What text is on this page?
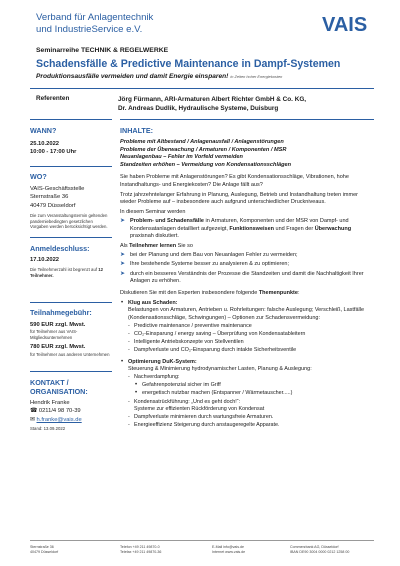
Verband für Anlagentechnik
und IndustrieService e.V.	VAIS
Seminarreihe TECHNIK & REGELWERKE
Schadensfälle & Predictive Maintenance in Dampf-Systemen
Produktionsausfälle vermeiden und damit Energie einsparen! in Zeiten hoher Energiekosten
Referenten	Jörg Fürmann, ARI-Armaturen Albert Richter GmbH & Co. KG,
Dr. Andreas Dudlik, Hydraulische Systeme, Duisburg
WANN?
25.10.2022
10:00 - 17:00 Uhr
WO?
VAIS-Geschäftsstelle
Sternstraße 36
40479 Düsseldorf
Die zum Veranstaltungstermin geltenden pandemiebedingten gesetzlichen Vorgaben werden berücksichtigt werden.
Anmeldeschluss:
17.10.2022
Die Teilnehmerzahl ist begrenzt auf 12 Teilnehmer.
Teilnahmegebühr:
590 EUR zzgl. Mwst.
für Teilnehmer aus VAIS-Mitgliedsunternehmen
780 EUR zzgl. Mwst.
für Teilnehmer aus anderen Unternehmen
KONTAKT /
ORGANISATION:
Hendrik Franke
☎ 0211/4 98 70-39
✉ h.franke@vais.de
Stand: 13.09.2022
INHALTE:
Probleme mit Altbestand / Anlagenausfall / Anlagenstörungen
Probleme der Überwachung / Armaturen / Komponenten / MSR
Neuanlagenbau – Fehler im Vorfeld vermeiden
Standzeiten erhöhen – Vermeidung von Kondensationsschlägen
Sie haben Probleme mit Anlagenstörungen? Es gibt Kondensationsschläge, Vibrationen, hohe Instandhaltungs- und Energiekosten? Die Anlage fällt aus?
Trotz jahrzehntelanger Erfahrung in Planung, Auslegung, Betrieb und Instandhaltung treten immer wieder Probleme auf – insbesondere auch aufgrund unterschiedlicher Druckniveaus.
In diesem Seminar werden
➤ Problem- und Schadensfälle in Armaturen, Komponenten und der MSR von Dampf- und Kondensatanlagen detailliert aufgezeigt, Funktionsweisen und Fragen der Überwachung praxisnah diskutiert.
Als Teilnehmer lernen Sie so
➤ bei der Planung und dem Bau von Neuanlagen Fehler zu vermeiden;
➤ Ihre bestehende Systeme besser zu analysieren & zu optimieren;
➤ durch ein besseres Verständnis der Prozesse die Standzeiten und damit die Nachhaltigkeit Ihrer Anlagen zu erhöhen.
Diskutieren Sie mit den Experten insbesondere folgende Themenpunkte:
• Klug aus Schaden:
Belastungen von Armaturen, Antrieben u. Rohrleitungen: falsche Auslegung; Verschleiß, Lastfälle (Kondensationsschläge, Schwingungen) – Optionen zur Schadensvermeidung:
- Predictive maintenance / preventive maintenance
- CO₂-Einsparung / energy saving – Überprüfung von Kondensatableitern
- Intelligente Antriebskonzepte von Stellventilen
- Dampfverluste und CO₂-Einsparung durch intakte Sicherheitsventile
• Optimierung DuK-System:
Steuerung & Minimierung hydrodynamischer Lasten, Planung & Auslegung:
- Nachverdampfung:
• Gefahrenpotenzial sicher im Griff
• energetisch nutzbar machen (Entspanner / Wärmetauscher.....)
- Kondensatrückführung: „Und es geht doch!“:
Systeme zur effizienten Rückförderung von Kondensat
- Dampfverluste minimieren durch wartungsfreie Armaturen.
- Energieeffizienz Steigerung durch anstaugeregelte Apparate.
Sternstraße 36
40479 Düsseldorf
Telefon +49 211 49870-0
Telefax +49 211 49870-36
E-Mail info@vais.de
Internet www.vais.de
Commerzbank AG, Düsseldorf
IBAN DE90 3004 0000 0212 1258 00
